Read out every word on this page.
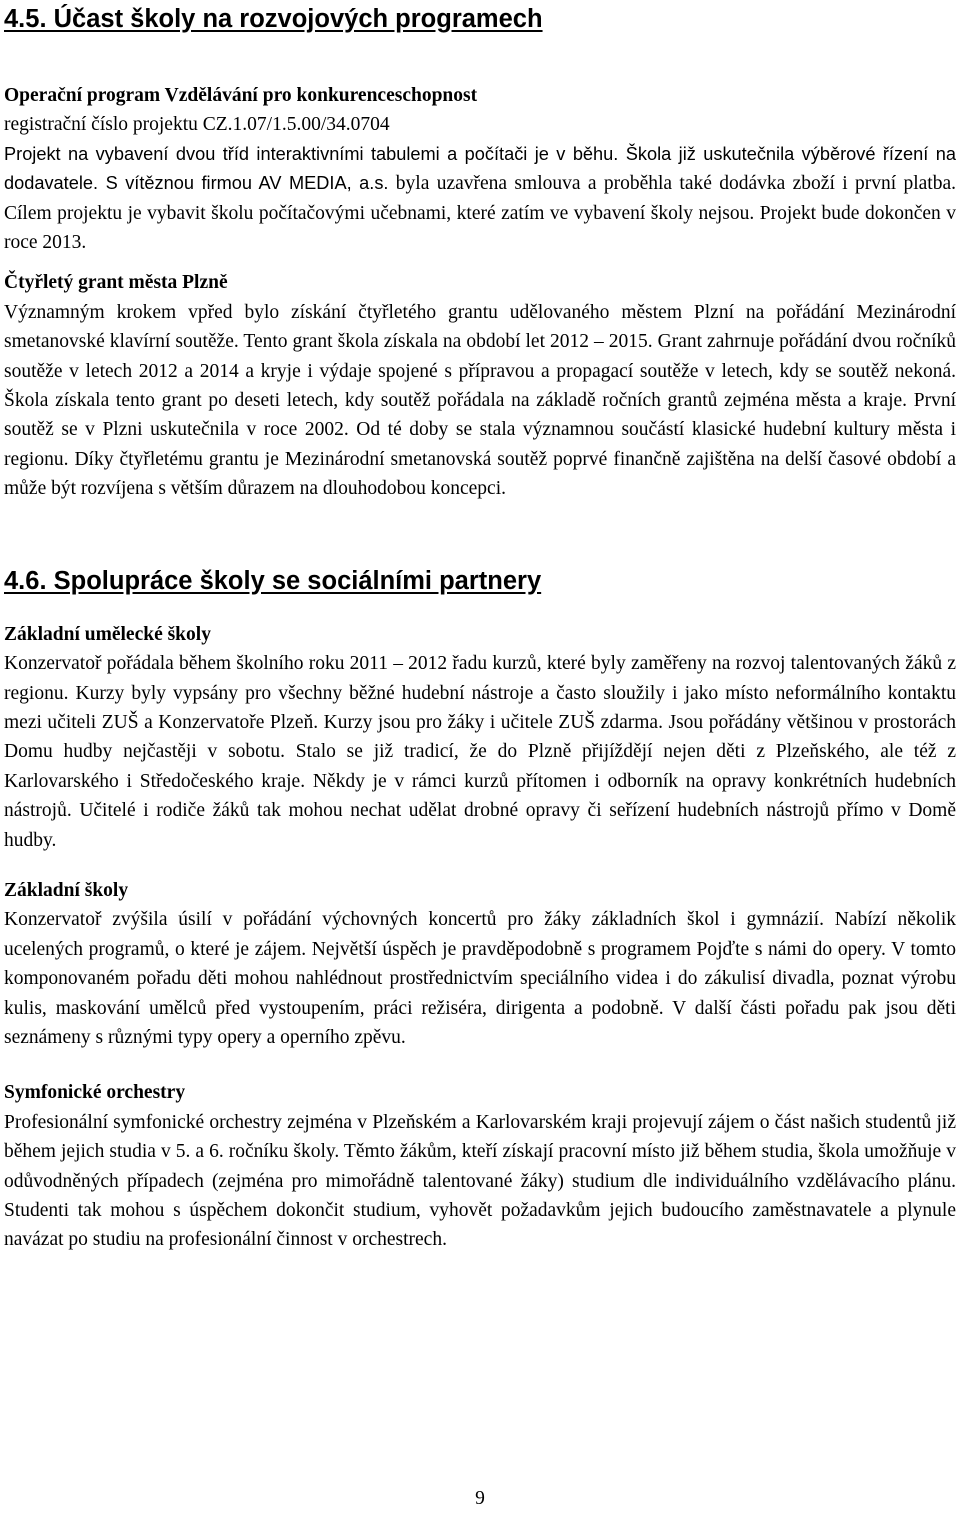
4.5. Účast školy na rozvojových programech
Operační program Vzdělávání pro konkurenceschopnost

registrační číslo projektu CZ.1.07/1.5.00/34.0704

Projekt na vybavení dvou tříd interaktivními tabulemi a počítači je v běhu. Škola již uskutečnila výběrové řízení na dodavatele. S vítěznou firmou AV MEDIA, a.s. byla uzavřena smlouva a proběhla také dodávka zboží i první platba. Cílem projektu je vybavit školu počítačovými učebnami, které zatím ve vybavení školy nejsou. Projekt bude dokončen v roce 2013.

Čtyřletý grant města Plzně

Významným krokem vpřed bylo získání čtyřletého grantu udělovaného městem Plzní na pořádání Mezinárodní smetanovské klavírní soutěže. Tento grant škola získala na období let 2012 – 2015. Grant zahrnuje pořádání dvou ročníků soutěže v letech 2012 a 2014 a kryje i výdaje spojené s přípravou a propagací soutěže v letech, kdy se soutěž nekoná. Škola získala tento grant po deseti letech, kdy soutěž pořádala na základě ročních grantů zejména města a kraje. První soutěž se v Plzni uskutečnila v roce 2002. Od té doby se stala významnou součástí klasické hudební kultury města i regionu. Díky čtyřletému grantu je Mezinárodní smetanovská soutěž poprvé finančně zajištěna na delší časové období a může být rozvíjena s větším důrazem na dlouhodobou koncepci.

4.6. Spolupráce školy se sociálními partnery
Základní umělecké školy

Konzervatoř pořádala během školního roku 2011 – 2012 řadu kurzů, které byly zaměřeny na rozvoj talentovaných žáků z regionu. Kurzy byly vypsány pro všechny běžné hudební nástroje a často sloužily i jako místo neformálního kontaktu mezi učiteli ZUŠ a Konzervatoře Plzeň. Kurzy jsou pro žáky i učitele ZUŠ zdarma. Jsou pořádány většinou v prostorách Domu hudby nejčastěji v sobotu. Stalo se již tradicí, že do Plzně přijíždějí nejen děti z Plzeňského, ale též z Karlovarského i Středočeského kraje. Někdy je v rámci kurzů přítomen i odborník na opravy konkrétních hudebních nástrojů. Učitelé i rodiče žáků tak mohou nechat udělat drobné opravy či seřízení hudebních nástrojů přímo v Domě hudby.

Základní školy

Konzervatoř zvýšila úsilí v pořádání výchovných koncertů pro žáky základních škol i gymnázií. Nabízí několik ucelených programů, o které je zájem. Největší úspěch je pravděpodobně s programem Pojďte s námi do opery. V tomto komponovaném pořadu děti mohou nahlédnout prostřednictvím speciálního videa i do zákulisí divadla, poznat výrobu kulis, maskování umělců před vystoupením, práci režiséra, dirigenta a podobně. V další části pořadu pak jsou děti seznámeny s různými typy opery a operního zpěvu.

Symfonické orchestry

Profesionální symfonické orchestry zejména v Plzeňském a Karlovarském kraji projevují zájem o část našich studentů již během jejich studia v 5. a 6. ročníku školy. Těmto žákům, kteří získají pracovní místo již během studia, škola umožňuje v odůvodněných případech (zejména pro mimořádně talentované žáky) studium dle individuálního vzdělávacího plánu. Studenti tak mohou s úspěchem dokončit studium, vyhovět požadavkům jejich budoucího zaměstnavatele a plynule navázat po studiu na profesionální činnost v orchestrech.

9
